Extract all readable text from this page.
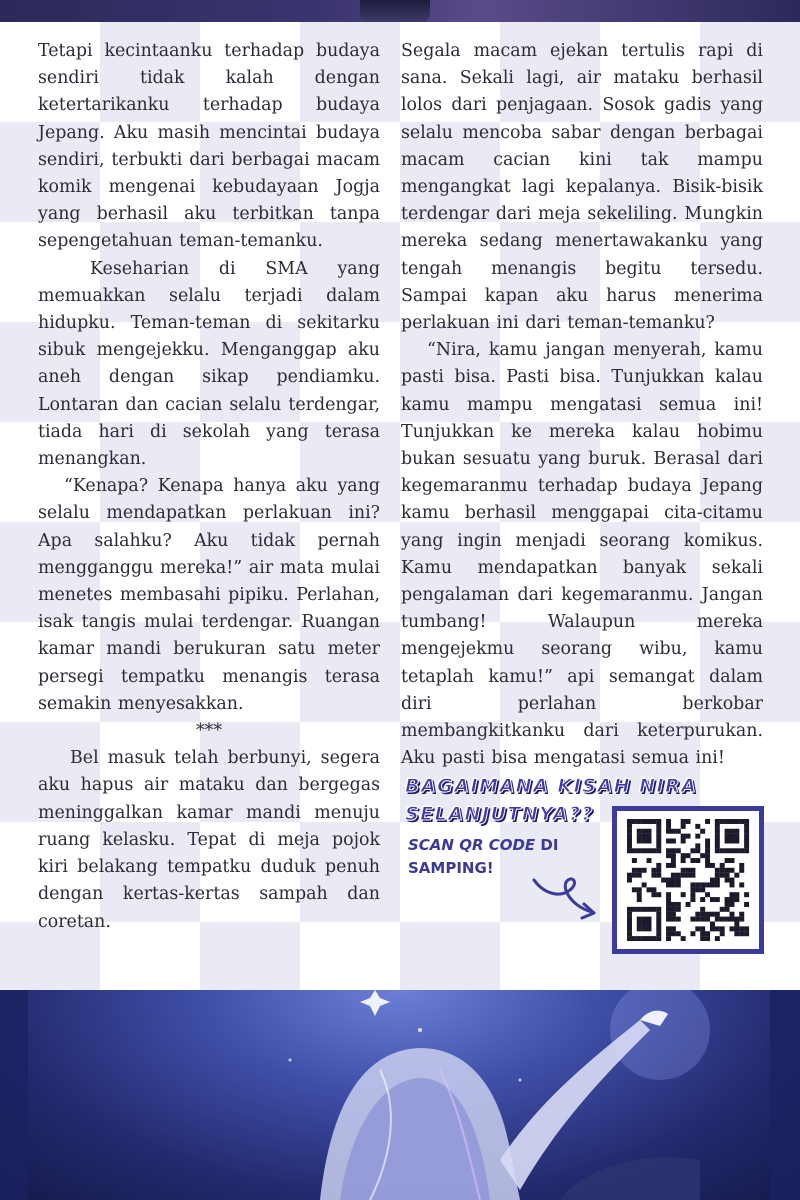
Tetapi kecintaanku terhadap budaya sendiri tidak kalah dengan ketertarikanku terhadap budaya Jepang. Aku masih mencintai budaya sendiri, terbukti dari berbagai macam komik mengenai kebudayaan Jogja yang berhasil aku terbitkan tanpa sepengetahuan teman-temanku.

Keseharian di SMA yang memuakkan selalu terjadi dalam hidupku. Teman-teman di sekitarku sibuk mengejekku. Menganggap aku aneh dengan sikap pendiamku. Lontaran dan cacian selalu terdengar, tiada hari di sekolah yang terasa menangkan.

“Kenapa? Kenapa hanya aku yang selalu mendapatkan perlakuan ini? Apa salahku? Aku tidak pernah mengganggu mereka!” air mata mulai menetes membasahi pipiku. Perlahan, isak tangis mulai terdengar. Ruangan kamar mandi berukuran satu meter persegi tempatku menangis terasa semakin menyesakkan.

***

Bel masuk telah berbunyi, segera aku hapus air mataku dan bergegas meninggalkan kamar mandi menuju ruang kelasku. Tepat di meja pojok kiri belakang tempatku duduk penuh dengan kertas-kertas sampah dan coretan.

Segala macam ejekan tertulis rapi di sana. Sekali lagi, air mataku berhasil lolos dari penjagaan. Sosok gadis yang selalu mencoba sabar dengan berbagai macam cacian kini tak mampu mengangkat lagi kepalanya. Bisik-bisik terdengar dari meja sekeliling. Mungkin mereka sedang menertawakanku yang tengah menangis begitu tersedu. Sampai kapan aku harus menerima perlakuan ini dari teman-temanku?

“Nira, kamu jangan menyerah, kamu pasti bisa. Pasti bisa. Tunjukkan kalau kamu mampu mengatasi semua ini! Tunjukkan ke mereka kalau hobimu bukan sesuatu yang buruk. Berasal dari kegemaranmu terhadap budaya Jepang kamu berhasil menggapai cita-citamu yang ingin menjadi seorang komikus. Kamu mendapatkan banyak sekali pengalaman dari kegemaranmu. Jangan tumbang! Walaupun mereka mengejekmu seorang wibu, kamu tetaplah kamu!” api semangat dalam diri perlahan berkobar membangkitkanku dari keterpurukan. Aku pasti bisa mengatasi semua ini!

BAGAIMANA KISAH NIRA
SELANJUTNYA??
SCAN QR CODE DI
SAMPING!
